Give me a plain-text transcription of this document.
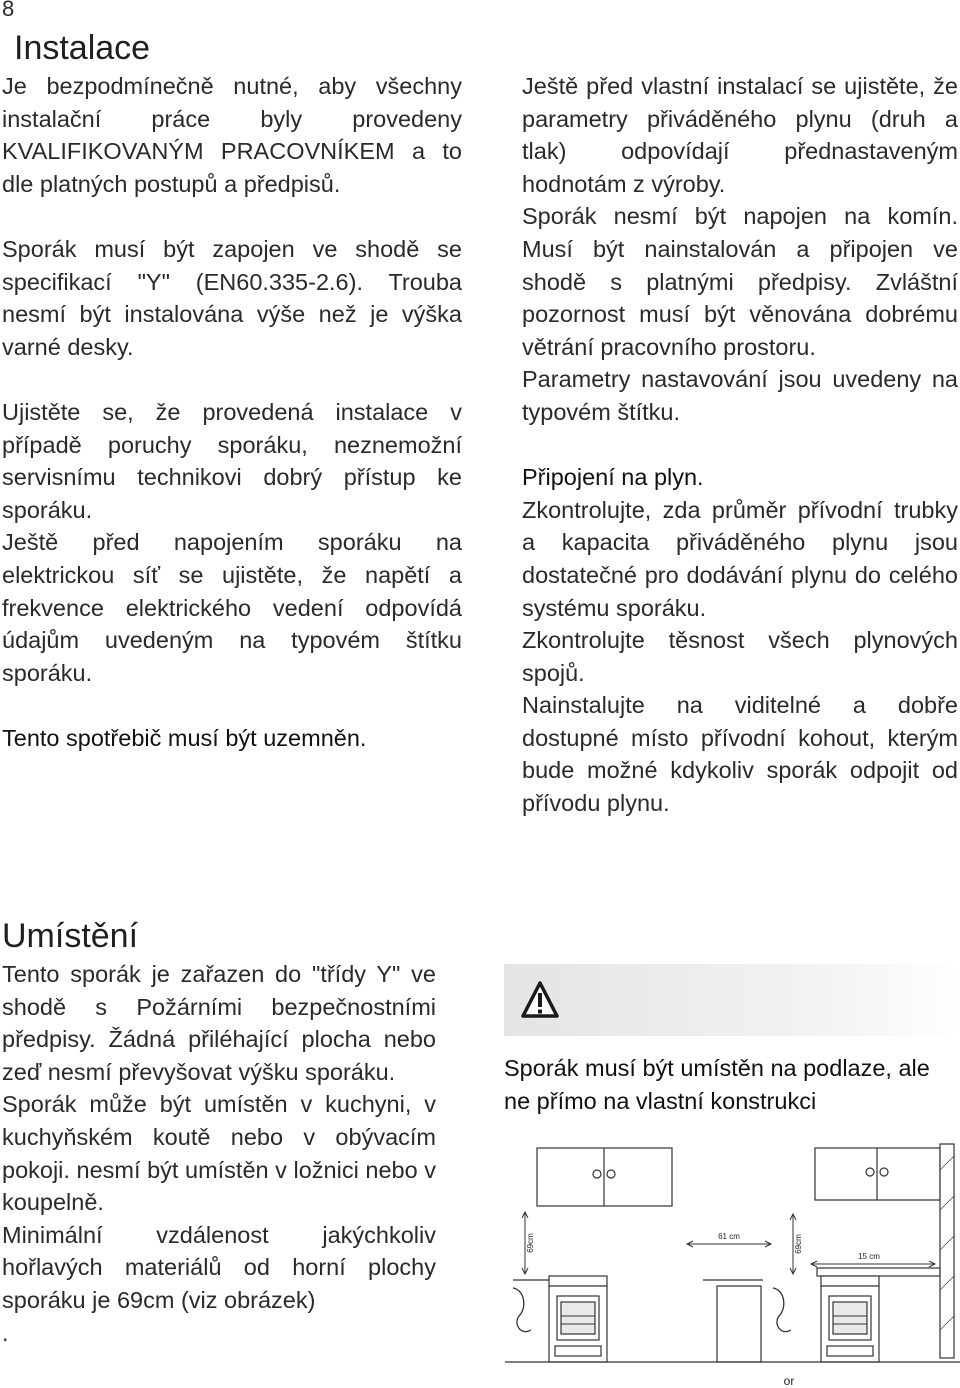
8
Instalace

Je bezpodmínečně nutné, aby všechny instalační práce byly provedeny KVALIFIKOVANÝM PRACOVNÍKEM a to dle platných postupů a předpisů.

Sporák musí být zapojen ve shodě se specifikací "Y" (EN60.335-2.6). Trouba nesmí být instalována výše než je výška varné desky.

Ujistěte se, že provedená instalace v případě poruchy sporáku, neznemožní servisnímu technikovi dobrý přístup ke sporáku.

Ještě před napojením sporáku na elektrickou síť se ujistěte, že napětí a frekvence elektrického vedení odpovídá údajům uvedeným na typovém štítku sporáku.

Tento spotřebič musí být uzemněn.

Ještě před vlastní instalací se ujistěte, že parametry přiváděného plynu (druh a tlak) odpovídají přednastaveným hodnotám z výroby.

Sporák nesmí být napojen na komín. Musí být nainstalován a připojen ve shodě s platnými předpisy. Zvláštní pozornost musí být věnována dobrému větrání pracovního prostoru.

Parametry nastavování jsou uvedeny na typovém štítku.

Připojení na plyn.

Zkontrolujte, zda průměr přívodní trubky a kapacita přiváděného plynu jsou dostatečné pro dodávání plynu do celého systému sporáku.

Zkontrolujte těsnost všech plynových spojů.

Nainstalujte na viditelné a dobře dostupné místo přívodní kohout, kterým bude možné kdykoliv sporák odpojit od přívodu plynu.

Umístění

Tento sporák je zařazen do "třídy Y" ve shodě s Požárními bezpečnostními předpisy. Žádná přiléhající plocha nebo zeď nesmí převyšovat výšku sporáku.

Sporák může být umístěn v kuchyni, v kuchyňském koutě nebo v obývacím pokoji. nesmí být umístěn v ložnici nebo v koupelně.

Minimální vzdálenost jakýchkoliv hořlavých materiálů od horní plochy sporáku je 69cm (viz obrázek)

.

Sporák musí být umístěn na podlaze, ale ne přímo na vlastní konstrukci
69cm	61 cm	69cm
15 cm
or
